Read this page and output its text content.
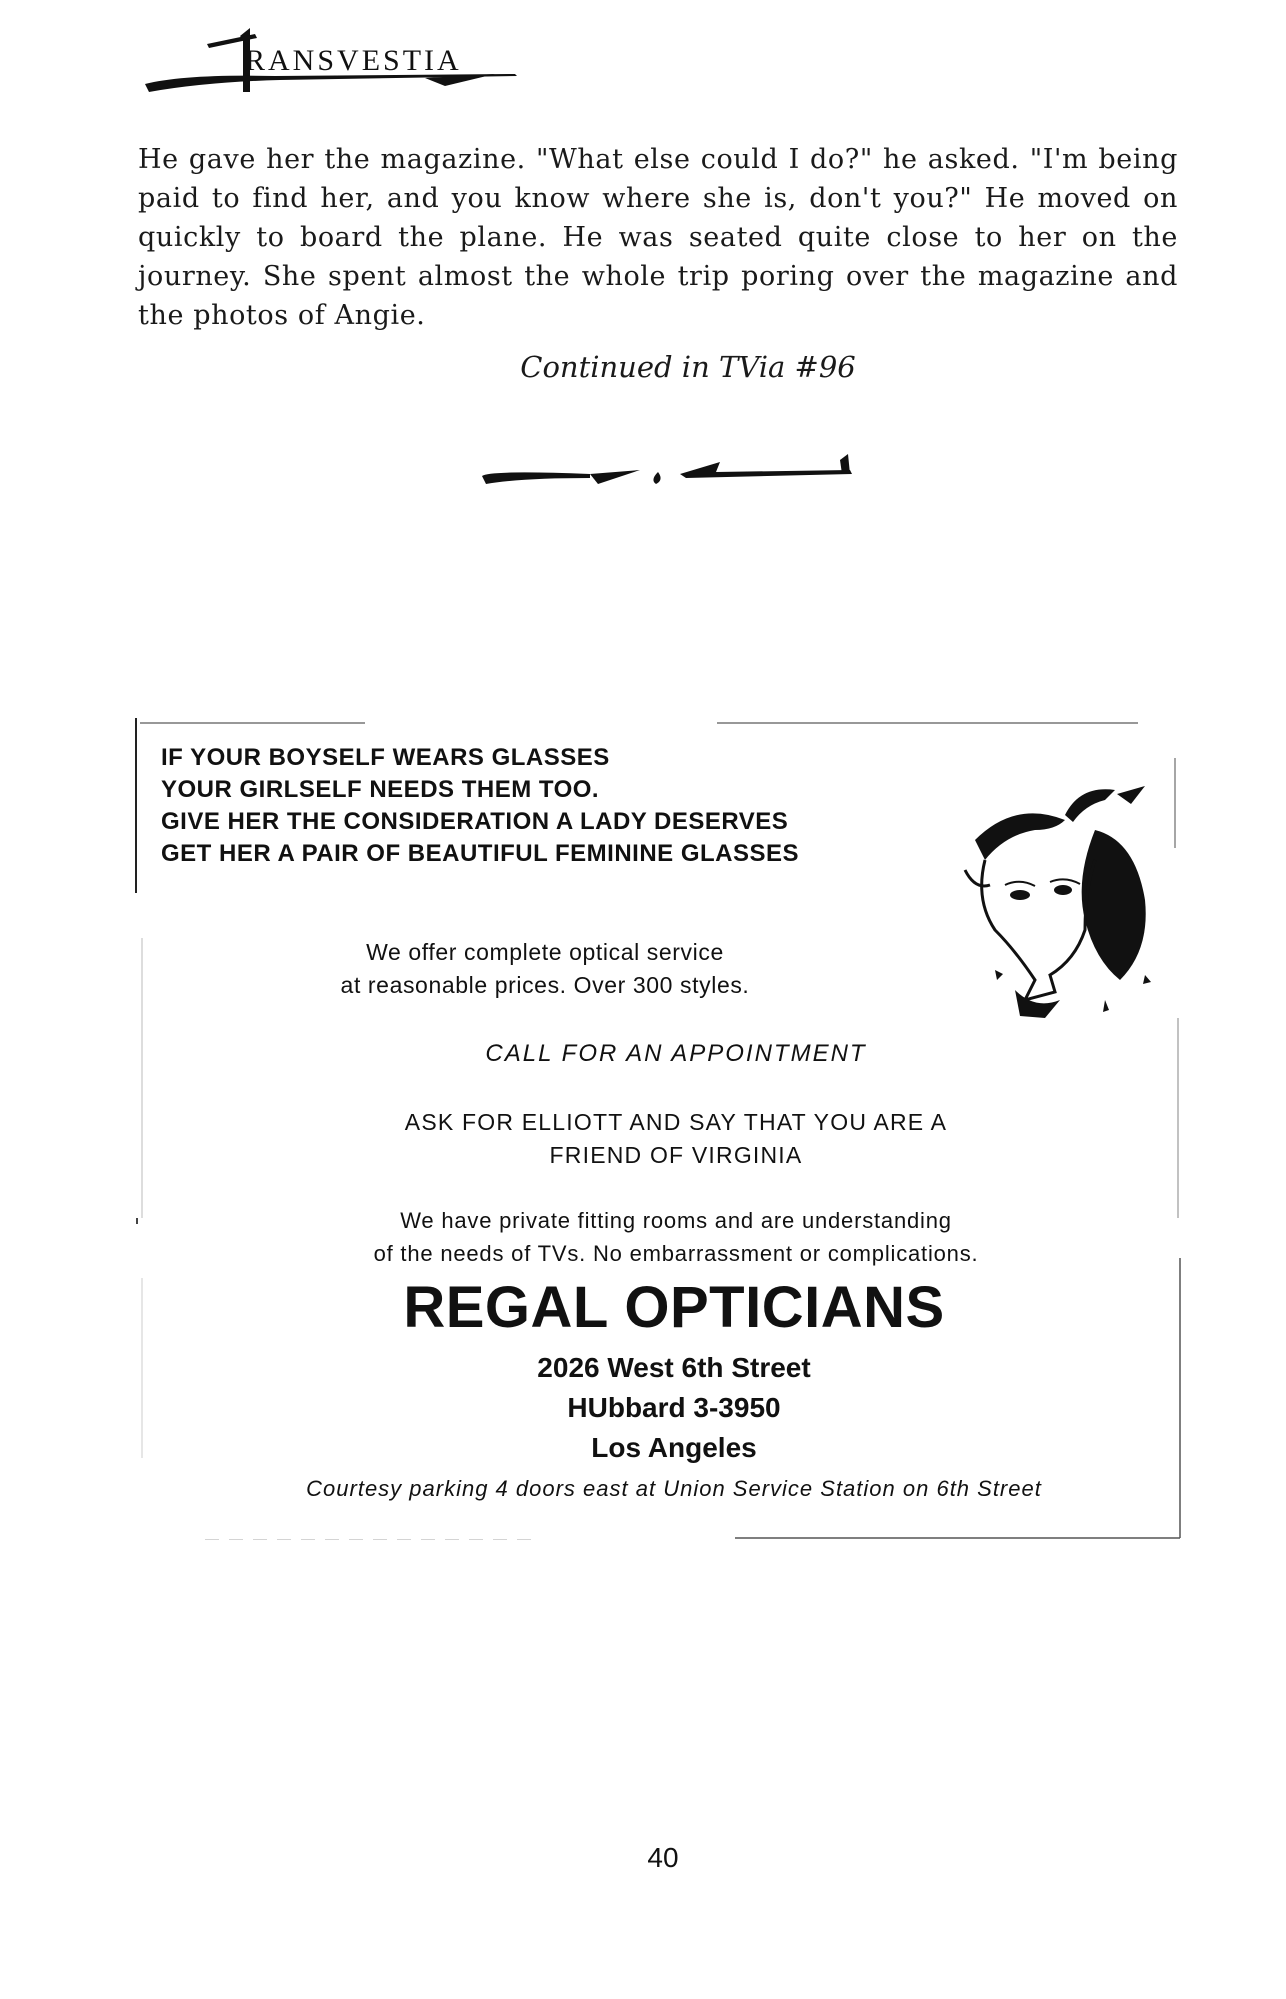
RANSVESTIA
He gave her the magazine. "What else could I do?" he asked. "I'm being paid to find her, and you know where she is, don't you?" He moved on quickly to board the plane. He was seated quite close to her on the journey. She spent almost the whole trip poring over the magazine and the photos of Angie.
Continued in TVia #96
IF YOUR BOYSELF WEARS GLASSES
YOUR GIRLSELF NEEDS THEM TOO.
GIVE HER THE CONSIDERATION A LADY DESERVES
GET HER A PAIR OF BEAUTIFUL FEMININE GLASSES
We offer complete optical service
at reasonable prices. Over 300 styles.
CALL FOR AN APPOINTMENT
ASK FOR ELLIOTT AND SAY THAT YOU ARE A
FRIEND OF VIRGINIA
We have private fitting rooms and are understanding
of the needs of TVs. No embarrassment or complications.
REGAL OPTICIANS
2026 West 6th Street
HUbbard 3-3950
Los Angeles
Courtesy parking 4 doors east at Union Service Station on 6th Street
40
